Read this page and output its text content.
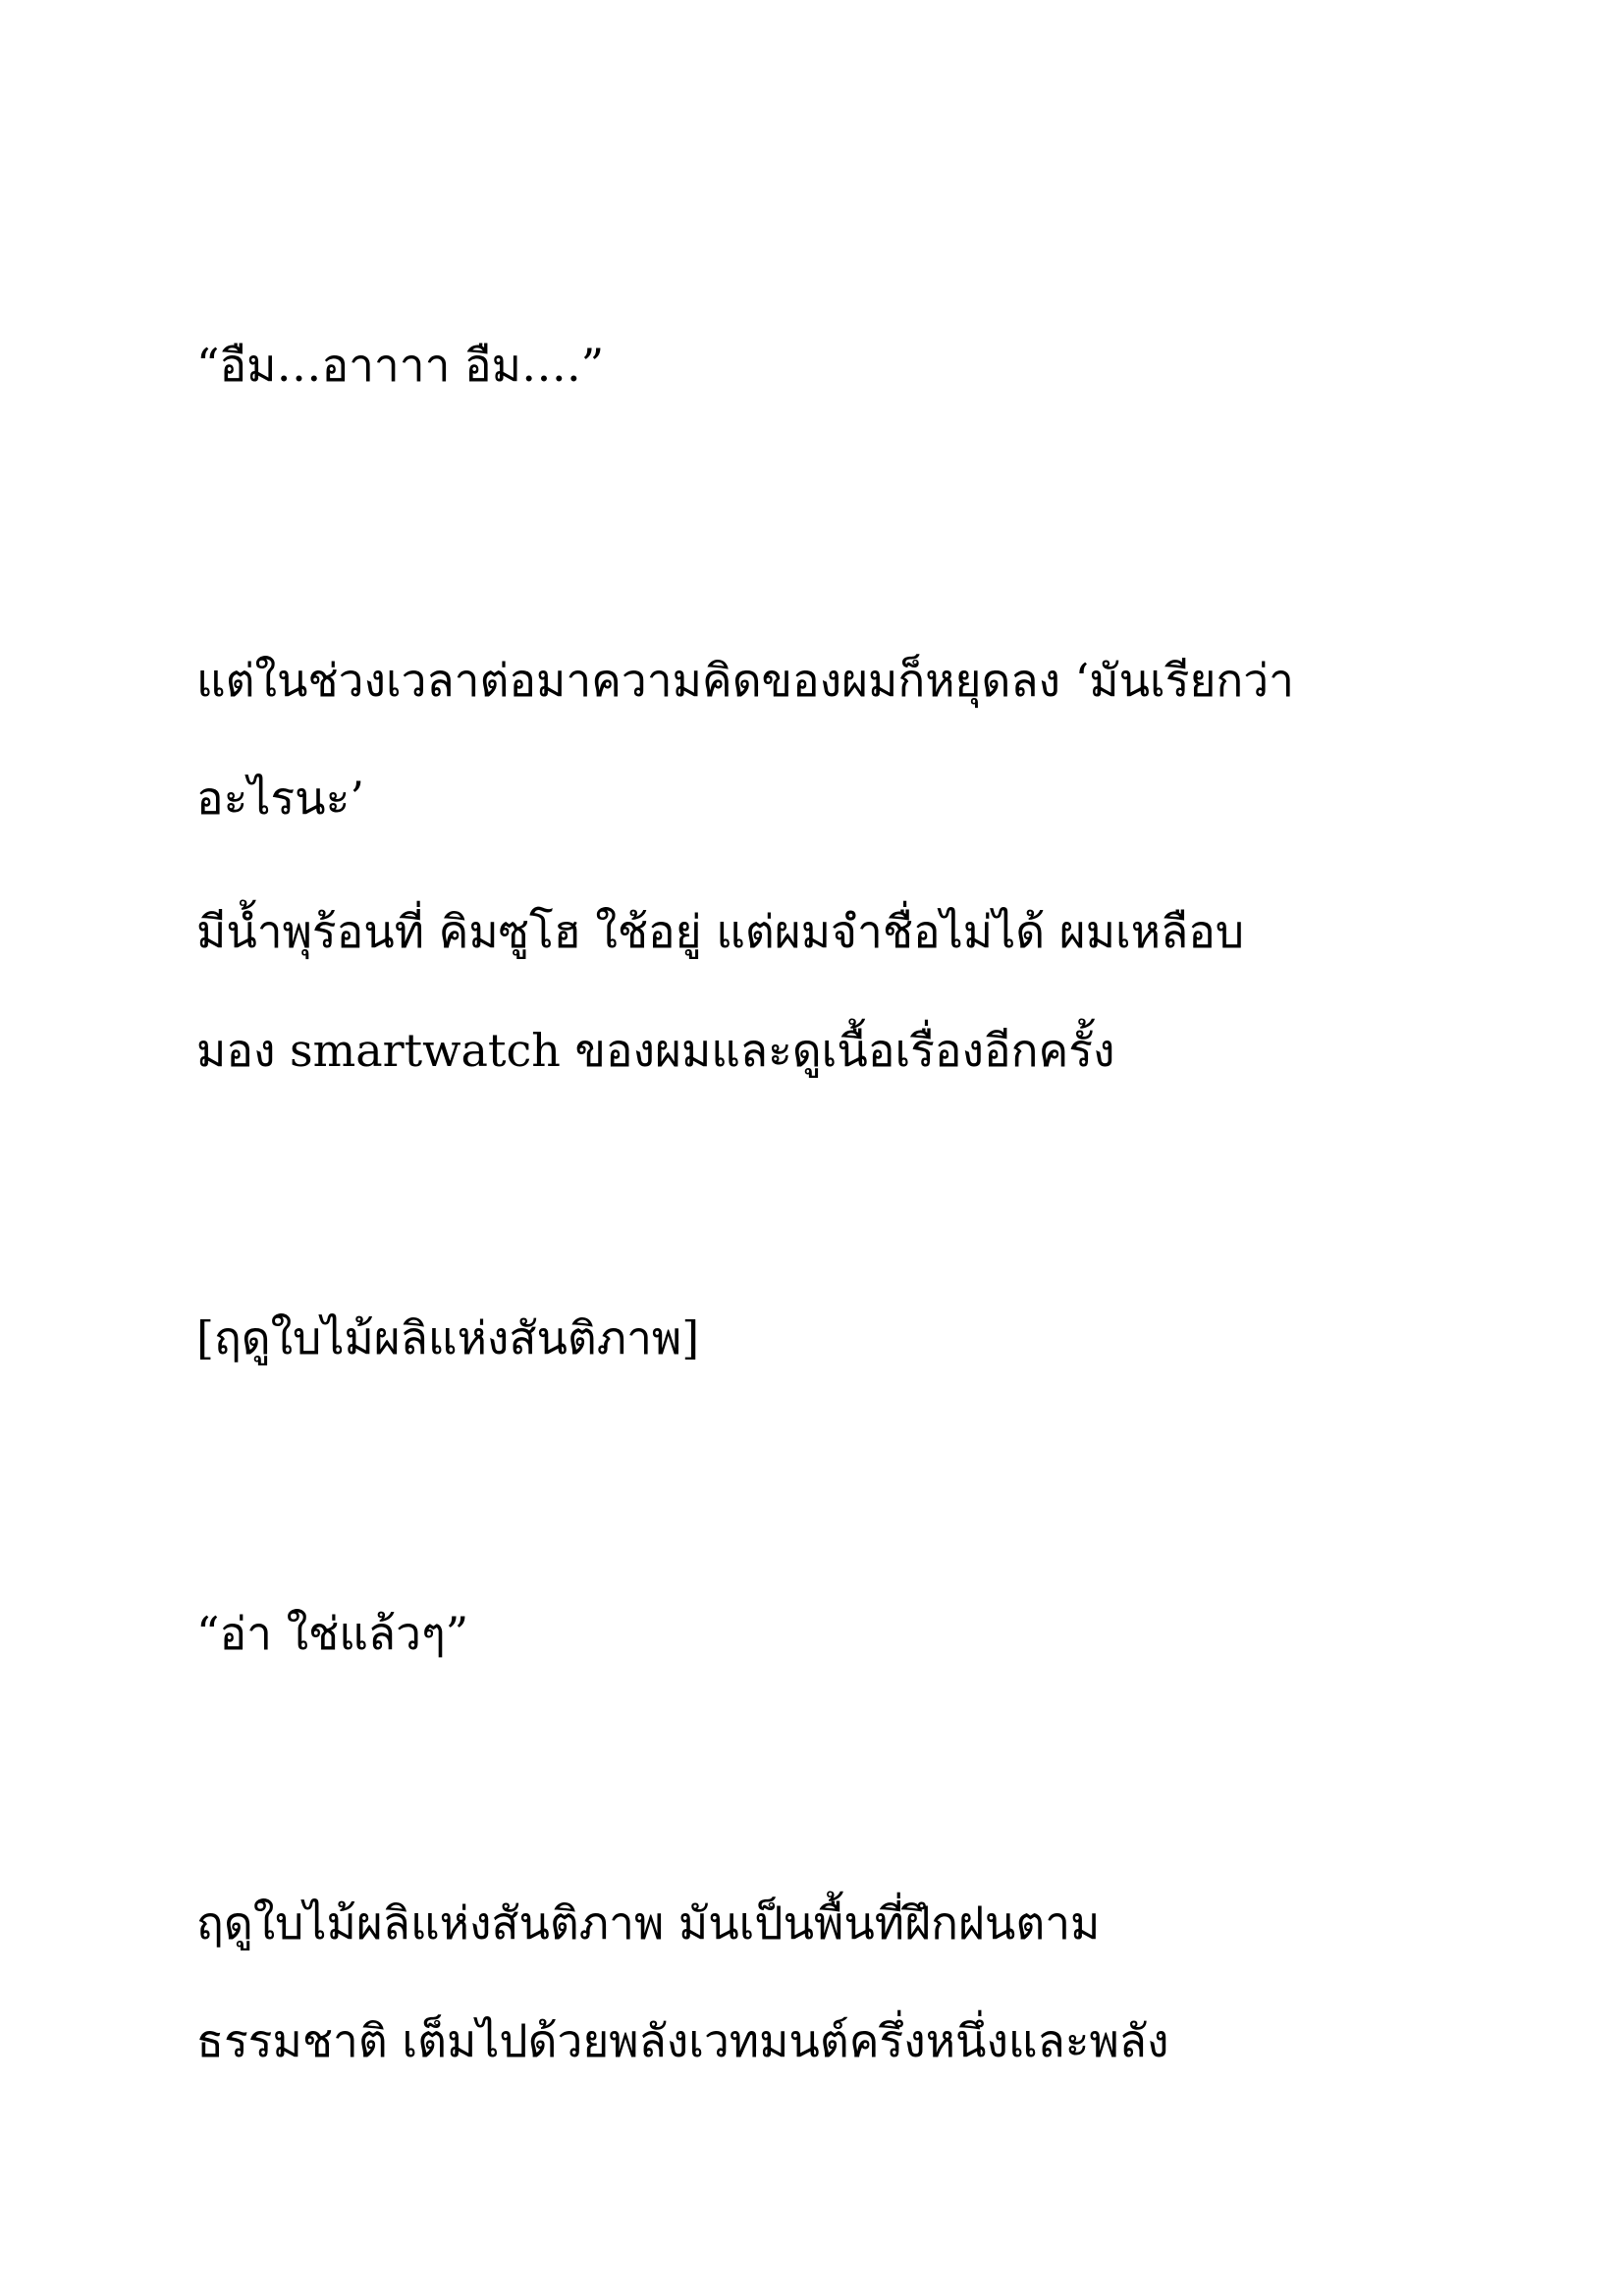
“อืม…อาาาา อืม….”

แต่ในช่วงเวลาต่อมาความคิดของผมก็หยุดลง ‘มันเรียกว่า

อะไรนะ’

มีน้ำพุร้อนที่ คิมซูโฮ ใช้อยู่ แต่ผมจำชื่อไม่ได้ ผมเหลือบ

มอง smartwatch ของผมและดูเนื้อเรื่องอีกครั้ง

[ฤดูใบไม้ผลิแห่งสันติภาพ]

“อ่า ใช่แล้วๆ”

ฤดูใบไม้ผลิแห่งสันติภาพ มันเป็นพื้นที่ฝึกฝนตาม

ธรรมชาติ เต็มไปด้วยพลังเวทมนต์ครึ่งหนึ่งและพลัง
